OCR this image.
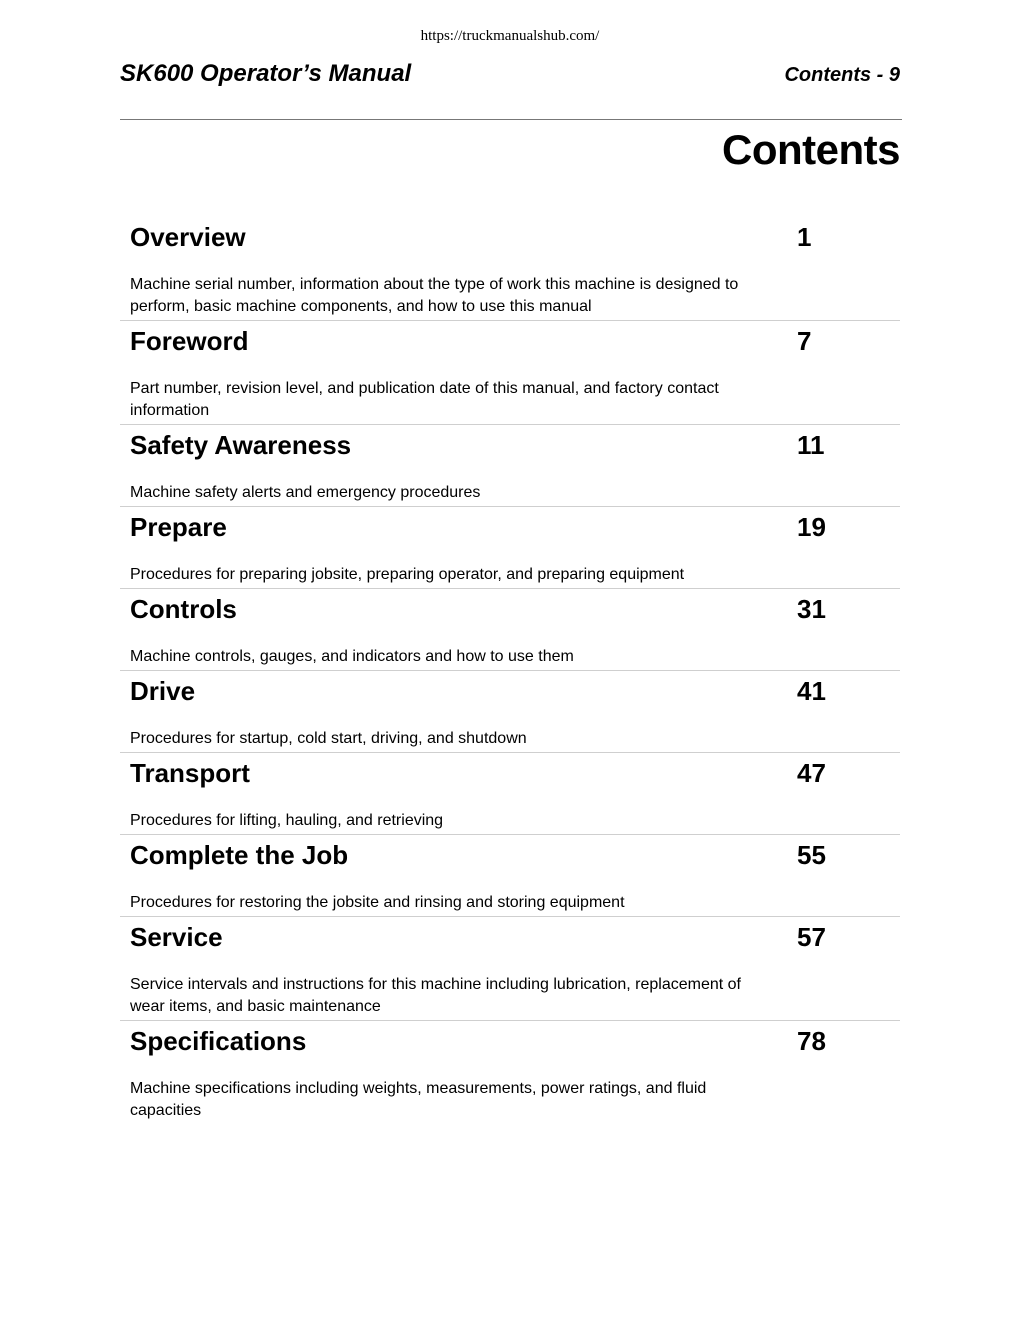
https://truckmanualshub.com/
SK600 Operator’s Manual	Contents - 9
Contents
Overview	1
Machine serial number, information about the type of work this machine is designed to perform, basic machine components, and how to use this manual
Foreword	7
Part number, revision level, and publication date of this manual, and factory contact information
Safety Awareness	11
Machine safety alerts and emergency procedures
Prepare	19
Procedures for preparing jobsite, preparing operator, and preparing equipment
Controls	31
Machine controls, gauges, and indicators and how to use them
Drive	41
Procedures for startup, cold start, driving, and shutdown
Transport	47
Procedures for lifting, hauling, and retrieving
Complete the Job	55
Procedures for restoring the jobsite and rinsing and storing equipment
Service	57
Service intervals and instructions for this machine including lubrication, replacement of wear items, and basic maintenance
Specifications	78
Machine specifications including weights, measurements, power ratings, and fluid capacities
